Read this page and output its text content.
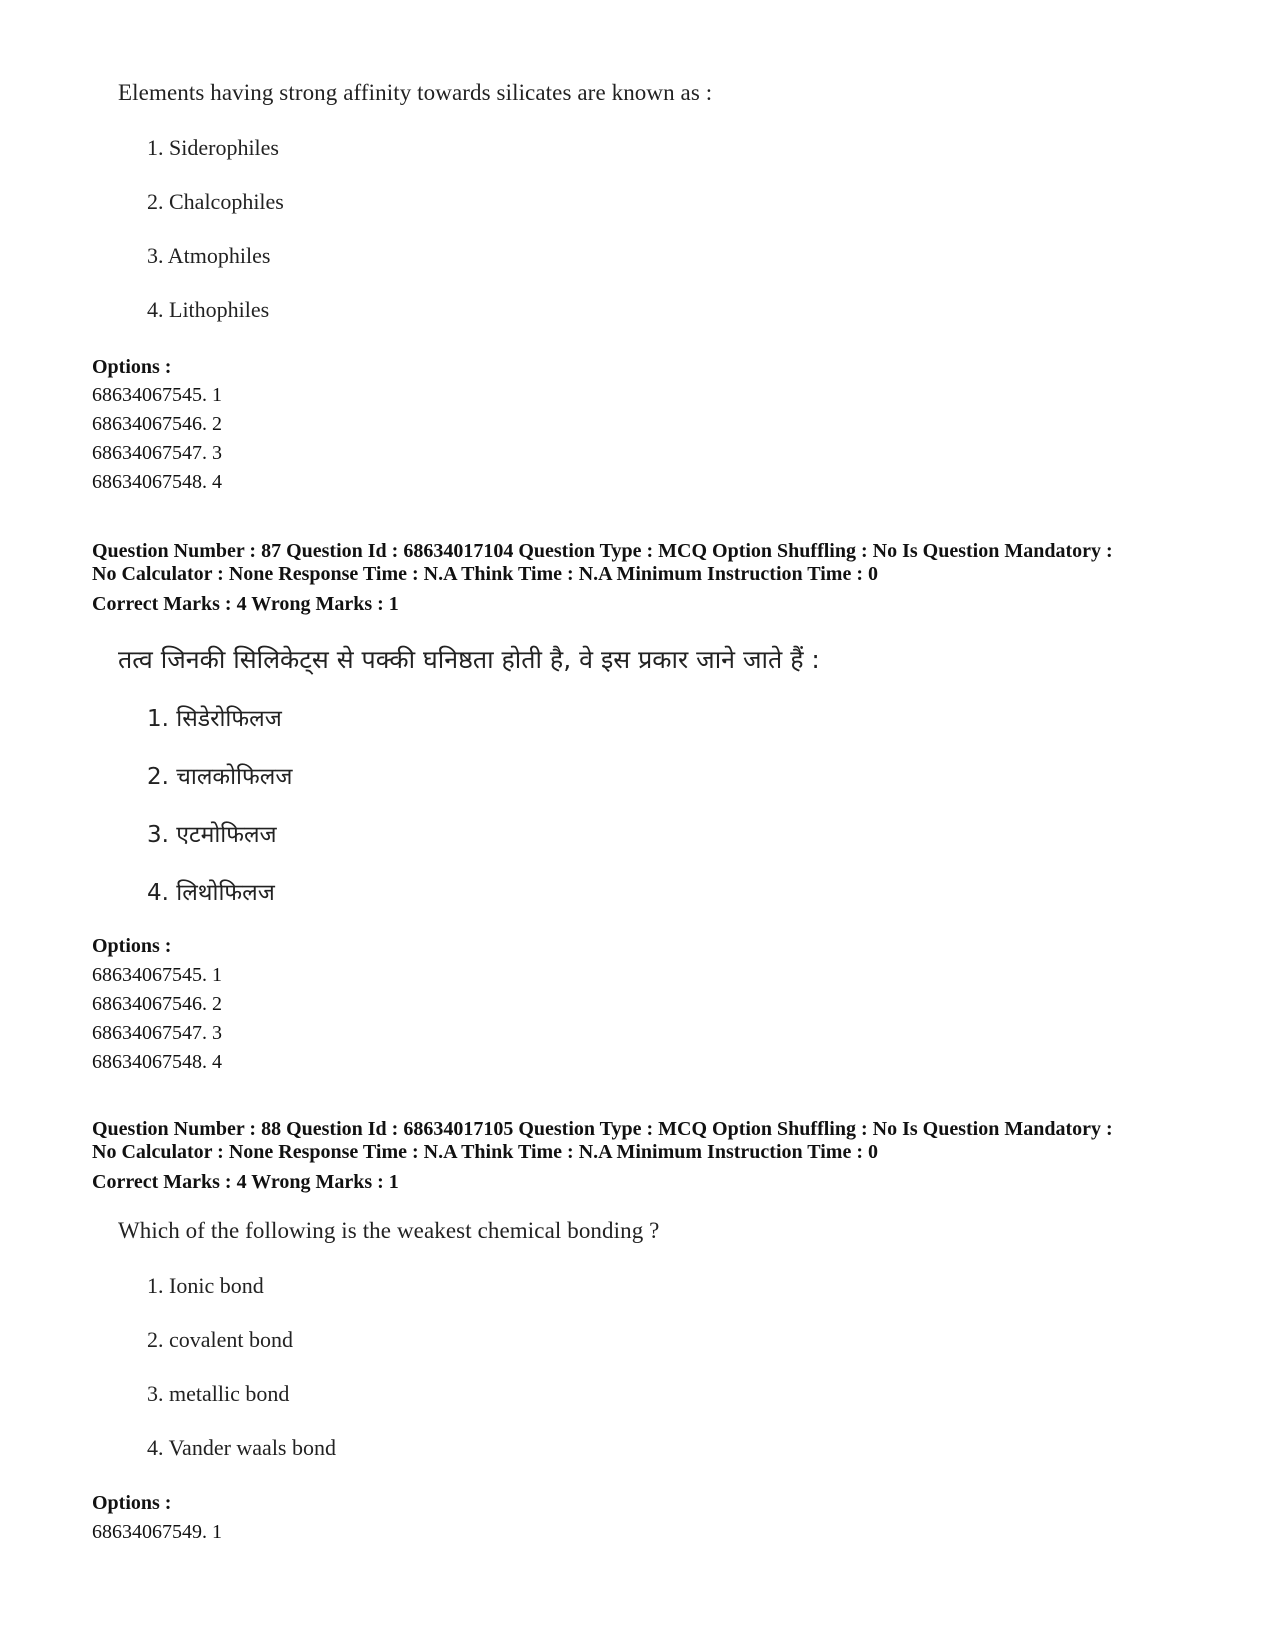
Elements having strong affinity towards silicates are known as :
1. Siderophiles
2. Chalcophiles
3. Atmophiles
4. Lithophiles
Options :
68634067545. 1
68634067546. 2
68634067547. 3
68634067548. 4
Question Number : 87 Question Id : 68634017104 Question Type : MCQ Option Shuffling : No Is Question Mandatory :
No Calculator : None Response Time : N.A Think Time : N.A Minimum Instruction Time : 0
Correct Marks : 4 Wrong Marks : 1
तत्व जिनकी सिलिकेट्स से पक्की घनिष्ठता होती है, वे इस प्रकार जाने जाते हैं :
1. सिडेरोफिलज
2. चालकोफिलज
3. एटमोफिलज
4. लिथोफिलज
Options :
68634067545. 1
68634067546. 2
68634067547. 3
68634067548. 4
Question Number : 88 Question Id : 68634017105 Question Type : MCQ Option Shuffling : No Is Question Mandatory :
No Calculator : None Response Time : N.A Think Time : N.A Minimum Instruction Time : 0
Correct Marks : 4 Wrong Marks : 1
Which of the following is the weakest chemical bonding ?
1. Ionic bond
2. covalent bond
3. metallic bond
4. Vander waals bond
Options :
68634067549. 1
